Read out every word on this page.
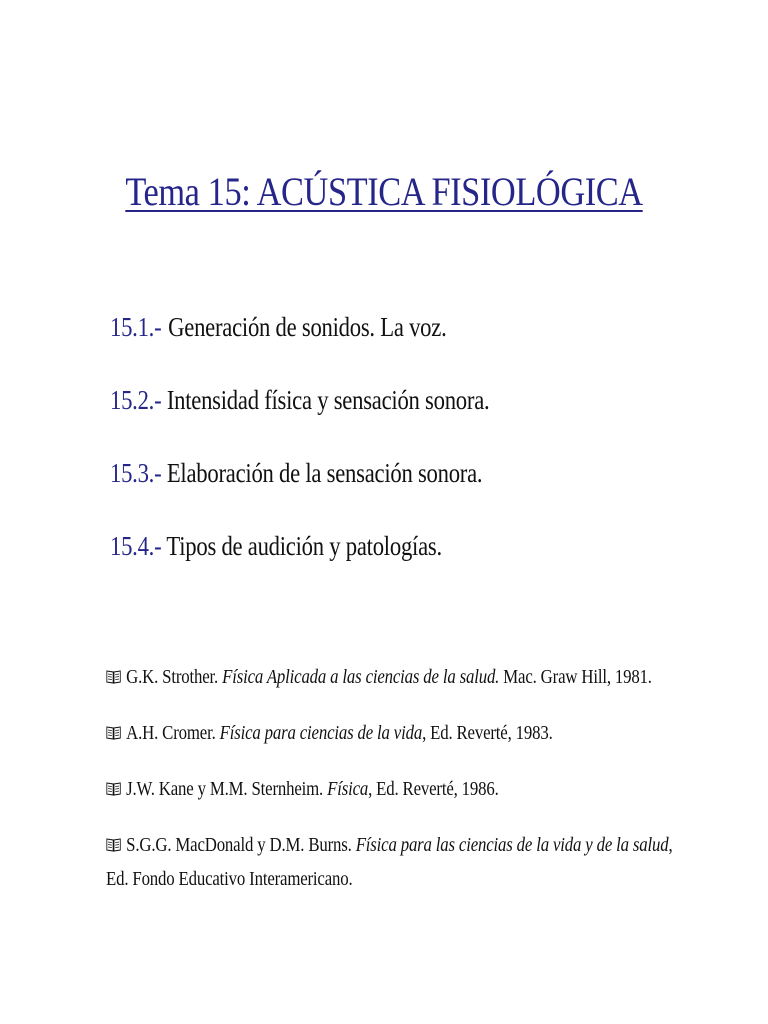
Tema 15: ACÚSTICA FISIOLÓGICA
15.1.- Generación de sonidos. La voz.
15.2.- Intensidad física y sensación sonora.
15.3.- Elaboración de la sensación sonora.
15.4.- Tipos de audición y patologías.
G.K. Strother. Física Aplicada a las ciencias de la salud. Mac. Graw Hill, 1981.
A.H. Cromer. Física para ciencias de la vida, Ed. Reverté, 1983.
J.W. Kane y M.M. Sternheim. Física, Ed. Reverté, 1986.
S.G.G. MacDonald y D.M. Burns. Física para las ciencias de la vida y de la salud, Ed. Fondo Educativo Interamericano.
